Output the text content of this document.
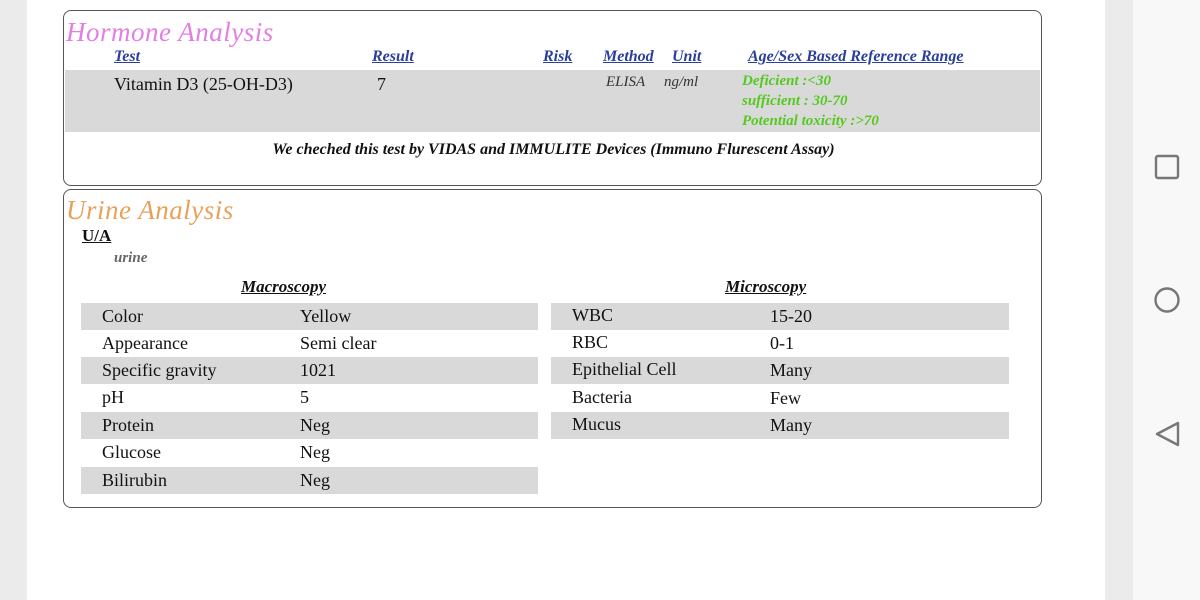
Hormone Analysis
Test	Result	Risk Method Unit	Age/Sex Based Reference Range
Vitamin D3 (25-OH-D3)	7	ELISA ng/ml	Deficient :<30
sufficient : 30-70
Potential toxicity :>70
We cheched this test by VIDAS and IMMULITE Devices (Immuno Flurescent Assay)
Urine Analysis
U/A
urine
Macroscopy	Microscopy
Color	Yellow
Appearance	Semi clear
Specific gravity	1021
pH	5
Protein	Neg
Glucose	Neg
Bilirubin	Neg
WBC	15-20
RBC	0-1
Epithelial Cell	Many
Bacteria	Few
Mucus	Many
